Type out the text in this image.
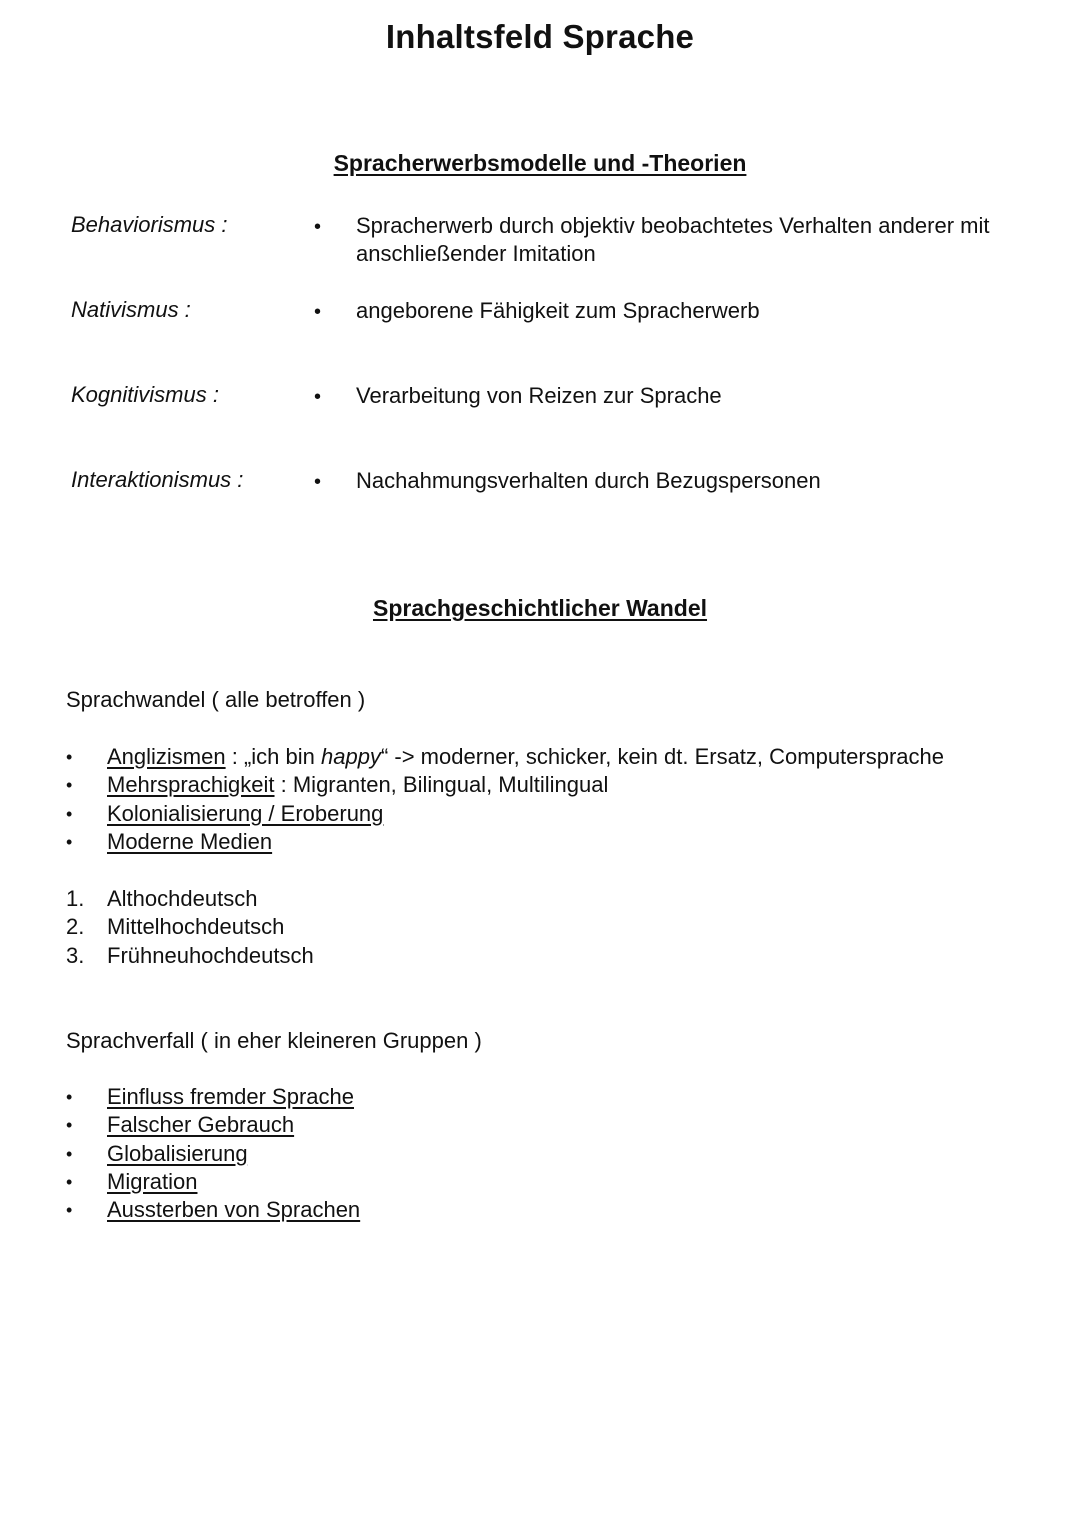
Inhaltsfeld Sprache
Spracherwerbsmodelle und -Theorien
Behaviorismus :	• Spracherwerb durch objektiv beobachtetes Verhalten anderer mit anschließender Imitation
Nativismus :	• angeborene Fähigkeit zum Spracherwerb
Kognitivismus :	• Verarbeitung von Reizen zur Sprache
Interaktionismus :	• Nachahmungsverhalten durch Bezugspersonen
Sprachgeschichtlicher Wandel
Sprachwandel ( alle betroffen )
•	Anglizismen : „ich bin happy“ -> moderner, schicker, kein dt. Ersatz, Computersprache
•	Mehrsprachigkeit : Migranten, Bilingual, Multilingual
•	Kolonialisierung / Eroberung
•	Moderne Medien
1.	Althochdeutsch
2.	Mittelhochdeutsch
3.	Frühneuhochdeutsch
Sprachverfall ( in eher kleineren Gruppen )
•	Einfluss fremder Sprache
•	Falscher Gebrauch
•	Globalisierung
•	Migration
•	Aussterben von Sprachen
